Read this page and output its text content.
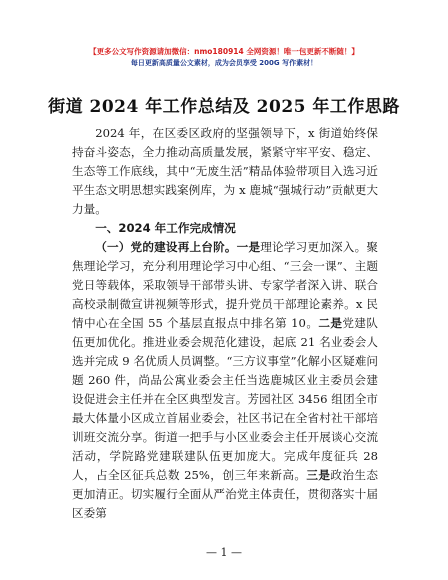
【更多公文写作资源请加微信：nmo180914 全网资源！唯一包更新不断随！】
每日更新高质量公文素材，成为会员享受 200G 写作素材！
街道 2024 年工作总结及 2025 年工作思路

2024 年，在区委区政府的坚强领导下，x 街道始终保持奋斗姿态，全力推动高质量发展，紧紧守牢平安、稳定、生态等工作底线，其中“无废生活”精品体验带项目入选习近平生态文明思想实践案例库，为 x 鹿城“强城行动”贡献更大力量。

一、2024 年工作完成情况

（一）党的建设再上台阶。一是理论学习更加深入。聚焦理论学习，充分利用理论学习中心组、“三会一课”、主题党日等载体，采取领导干部带头讲、专家学者深入讲、联合高校录制微宣讲视频等形式，提升党员干部理论素养。x 民情中心在全国 55 个基层直报点中排名第 10。二是党建队伍更加优化。推进业委会规范化建设，起底 21 名业委会人选并完成 9 名优质人员调整。“三方议事堂”化解小区疑难问题 260 件，尚品公寓业委会主任当选鹿城区业主委员会建设促进会主任并在全区典型发言。芳园社区 3456 组团全市最大体量小区成立首届业委会，社区书记在全省村社干部培训班交流分享。街道一把手与小区业委会主任开展谈心交流活动，学院路党建联建队伍更加庞大。完成年度征兵 28 人，占全区征兵总数 25%，创三年来新高。三是政治生态更加清正。切实履行全面从严治党主体责任，贯彻落实十届区委第

— 1 —
